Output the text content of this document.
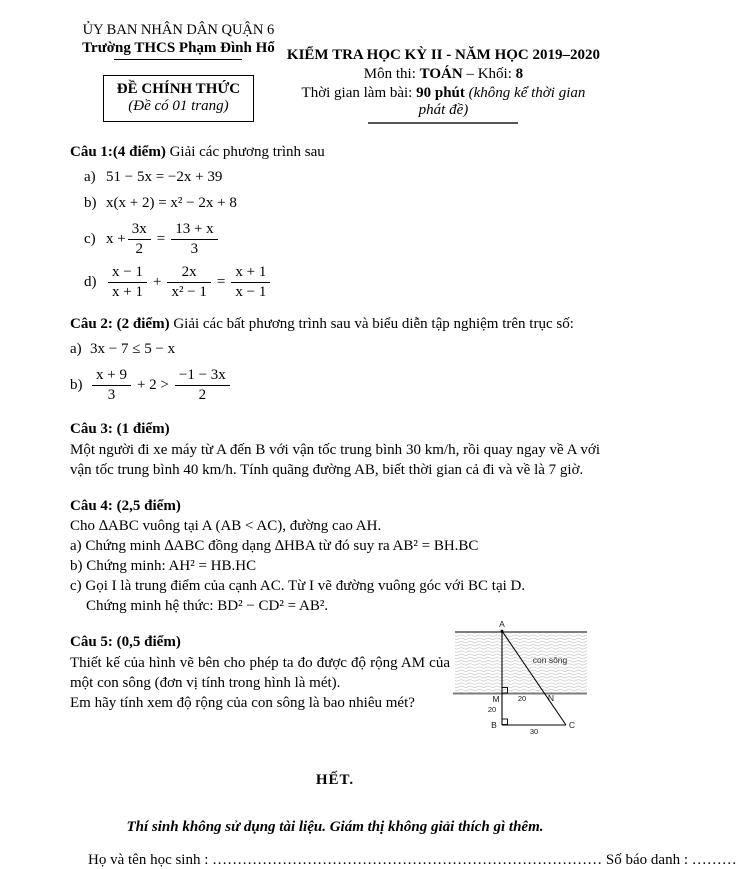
ỦY BAN NHÂN DÂN QUẬN 6
Trường THCS Phạm Đình Hổ
ĐỀ CHÍNH THỨC
(Đề có 01 trang)
KIỂM TRA HỌC KỲ II - NĂM HỌC 2019–2020
Môn thi: TOÁN – Khối: 8
Thời gian làm bài: 90 phút (không kể thời gian phát đề)
Câu 1:(4 điểm) Giải các phương trình sau
a) 51 − 5x = −2x + 39
b) x(x + 2) = x² − 2x + 8
c) $x + \frac{3x}{2} = \frac{13 + x}{3}$
$d) \frac{x - 1}{x + 1} + \frac{2x}{\text{x² − 1}} = \frac{x + 1}{x - 1}$
Câu 2: (2 điểm) Giải các bất phương trình sau và biểu diễn tập nghiệm trên trục số:
a) 3x − 7 ≤ 5 − x
$b) \frac{x + 9}{3} + 2 > \frac{-1 - 3x}{2}$
Câu 3: (1 điểm)
Một người đi xe máy từ A đến B với vận tốc trung bình 30 km/h, rồi quay ngay về A với vận tốc trung bình 40 km/h. Tính quãng đường AB, biết thời gian cả đi và về là 7 giờ.
Câu 4: (2,5 điểm)
Cho ∆ABC vuông tại A (AB < AC), đường cao AH.
a) Chứng minh ∆ABC đồng dạng ∆HBA từ đó suy ra AB² = BH.BC
b) Chứng minh: AH² = HB.HC
c) Gọi I là trung điểm của cạnh AC. Từ I vẽ đường vuông góc với BC tại D.
Chứng minh hệ thức: BD² − CD² = AB².
Câu 5: (0,5 điểm)
Thiết kế của hình vẽ bên cho phép ta đo được độ rộng AM của một con sông (đơn vị tính trong hình là mét).
Em hãy tính xem độ rộng của con sông là bao nhiêu mét?
A
con sông
M 20	N
20
B
30
C
HẾT.
Thí sinh không sử dụng tài liệu. Giám thị không giải thích gì thêm.
Họ và tên học sinh : …………………………………………………………………… Số báo danh : ………
